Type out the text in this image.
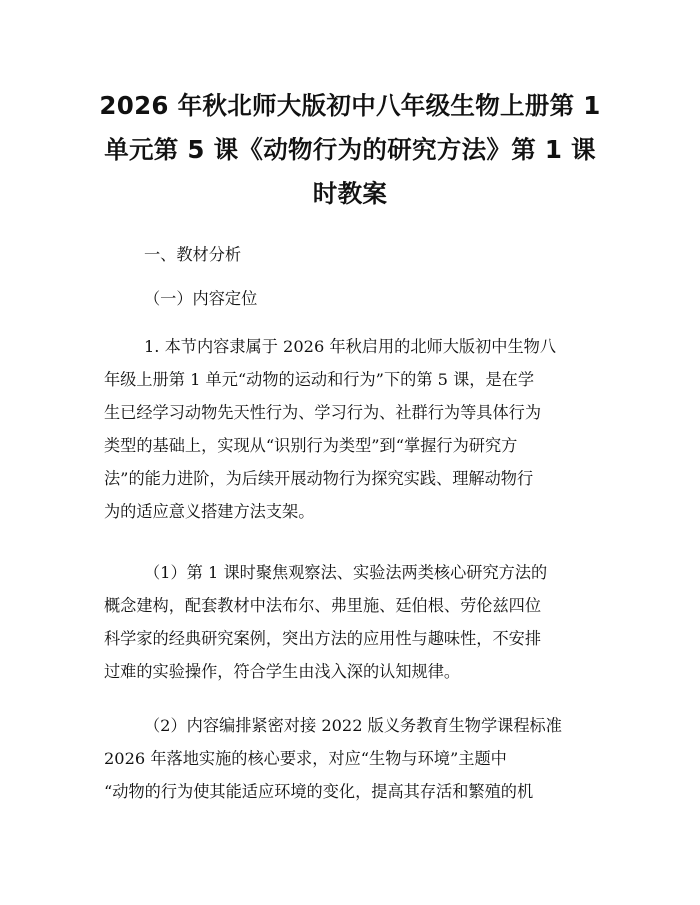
2026 年秋北师大版初中八年级生物上册第 1
单元第 5 课《动物行为的研究方法》第 1 课
时教案

一、教材分析

（一）内容定位

1. 本节内容隶属于 2026 年秋启用的北师大版初中生物八
年级上册第 1 单元“动物的运动和行为”下的第 5 课，是在学
生已经学习动物先天性行为、学习行为、社群行为等具体行为
类型的基础上，实现从“识别行为类型”到“掌握行为研究方
法”的能力进阶，为后续开展动物行为探究实践、理解动物行
为的适应意义搭建方法支架。
（1）第 1 课时聚焦观察法、实验法两类核心研究方法的
概念建构，配套教材中法布尔、弗里施、廷伯根、劳伦兹四位
科学家的经典研究案例，突出方法的应用性与趣味性，不安排
过难的实验操作，符合学生由浅入深的认知规律。
（2）内容编排紧密对接 2022 版义务教育生物学课程标准
2026 年落地实施的核心要求，对应“生物与环境”主题中
“动物的行为使其能适应环境的变化，提高其存活和繁殖的机
